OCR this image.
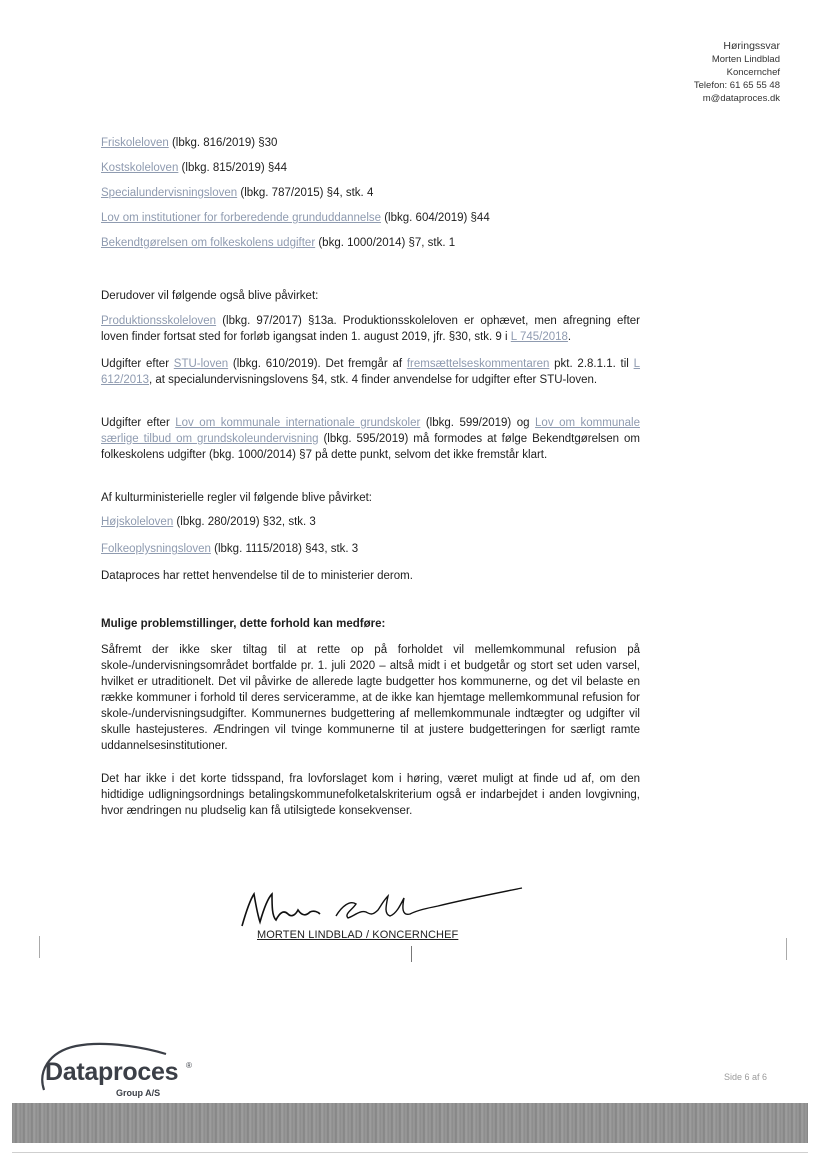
Høringssvar
Morten Lindblad
Koncernchef
Telefon: 61 65 55 48
m@dataproces.dk
Friskoleloven (lbkg. 816/2019) §30
Kostskoleloven (lbkg. 815/2019) §44
Specialundervisningsloven (lbkg. 787/2015) §4, stk. 4
Lov om institutioner for forberedende grunduddannelse (lbkg. 604/2019) §44
Bekendtgørelsen om folkeskolens udgifter (bkg. 1000/2014) §7, stk. 1
Derudover vil følgende også blive påvirket:

Produktionsskoleloven (lbkg. 97/2017) §13a. Produktionsskoleloven er ophævet, men afregning efter loven finder fortsat sted for forløb igangsat inden 1. august 2019, jfr. §30, stk. 9 i L 745/2018.

Udgifter efter STU-loven (lbkg. 610/2019). Det fremgår af fremsættelseskommentaren pkt. 2.8.1.1. til L 612/2013, at specialundervisningslovens §4, stk. 4 finder anvendelse for udgifter efter STU-loven.

Udgifter efter Lov om kommunale internationale grundskoler (lbkg. 599/2019) og Lov om kommunale særlige tilbud om grundskoleundervisning (lbkg. 595/2019) må formodes at følge Bekendtgørelsen om folkeskolens udgifter (bkg. 1000/2014) §7 på dette punkt, selvom det ikke fremstår klart.

Af kulturministerielle regler vil følgende blive påvirket:
Højskoleloven (lbkg. 280/2019) §32, stk. 3
Folkeoplysningsloven (lbkg. 1115/2018) §43, stk. 3
Dataproces har rettet henvendelse til de to ministerier derom.
Mulige problemstillinger, dette forhold kan medføre:
Såfremt der ikke sker tiltag til at rette op på forholdet vil mellemkommunal refusion på skole-/undervisningsområdet bortfalde pr. 1. juli 2020 – altså midt i et budgetår og stort set uden varsel, hvilket er utraditionelt. Det vil påvirke de allerede lagte budgetter hos kommunerne, og det vil belaste en række kommuner i forhold til deres serviceramme, at de ikke kan hjemtage mellemkommunal refusion for skole-/undervisningsudgifter. Kommunernes budgettering af mellemkommunale indtægter og udgifter vil skulle hastejusteres. Ændringen vil tvinge kommunerne til at justere budgetteringen for særligt ramte uddannelsesinstitutioner.
Det har ikke i det korte tidsspand, fra lovforslaget kom i høring, været muligt at finde ud af, om den hidtidige udligningsordnings betalingskommunefolketalskriterium også er indarbejdet i anden lovgivning, hvor ændringen nu pludselig kan få utilsigtede konsekvenser.
MORTEN LINDBLAD / KONCERNCHEF
Dataproces ®
Group A/S
Side 6 af 6
